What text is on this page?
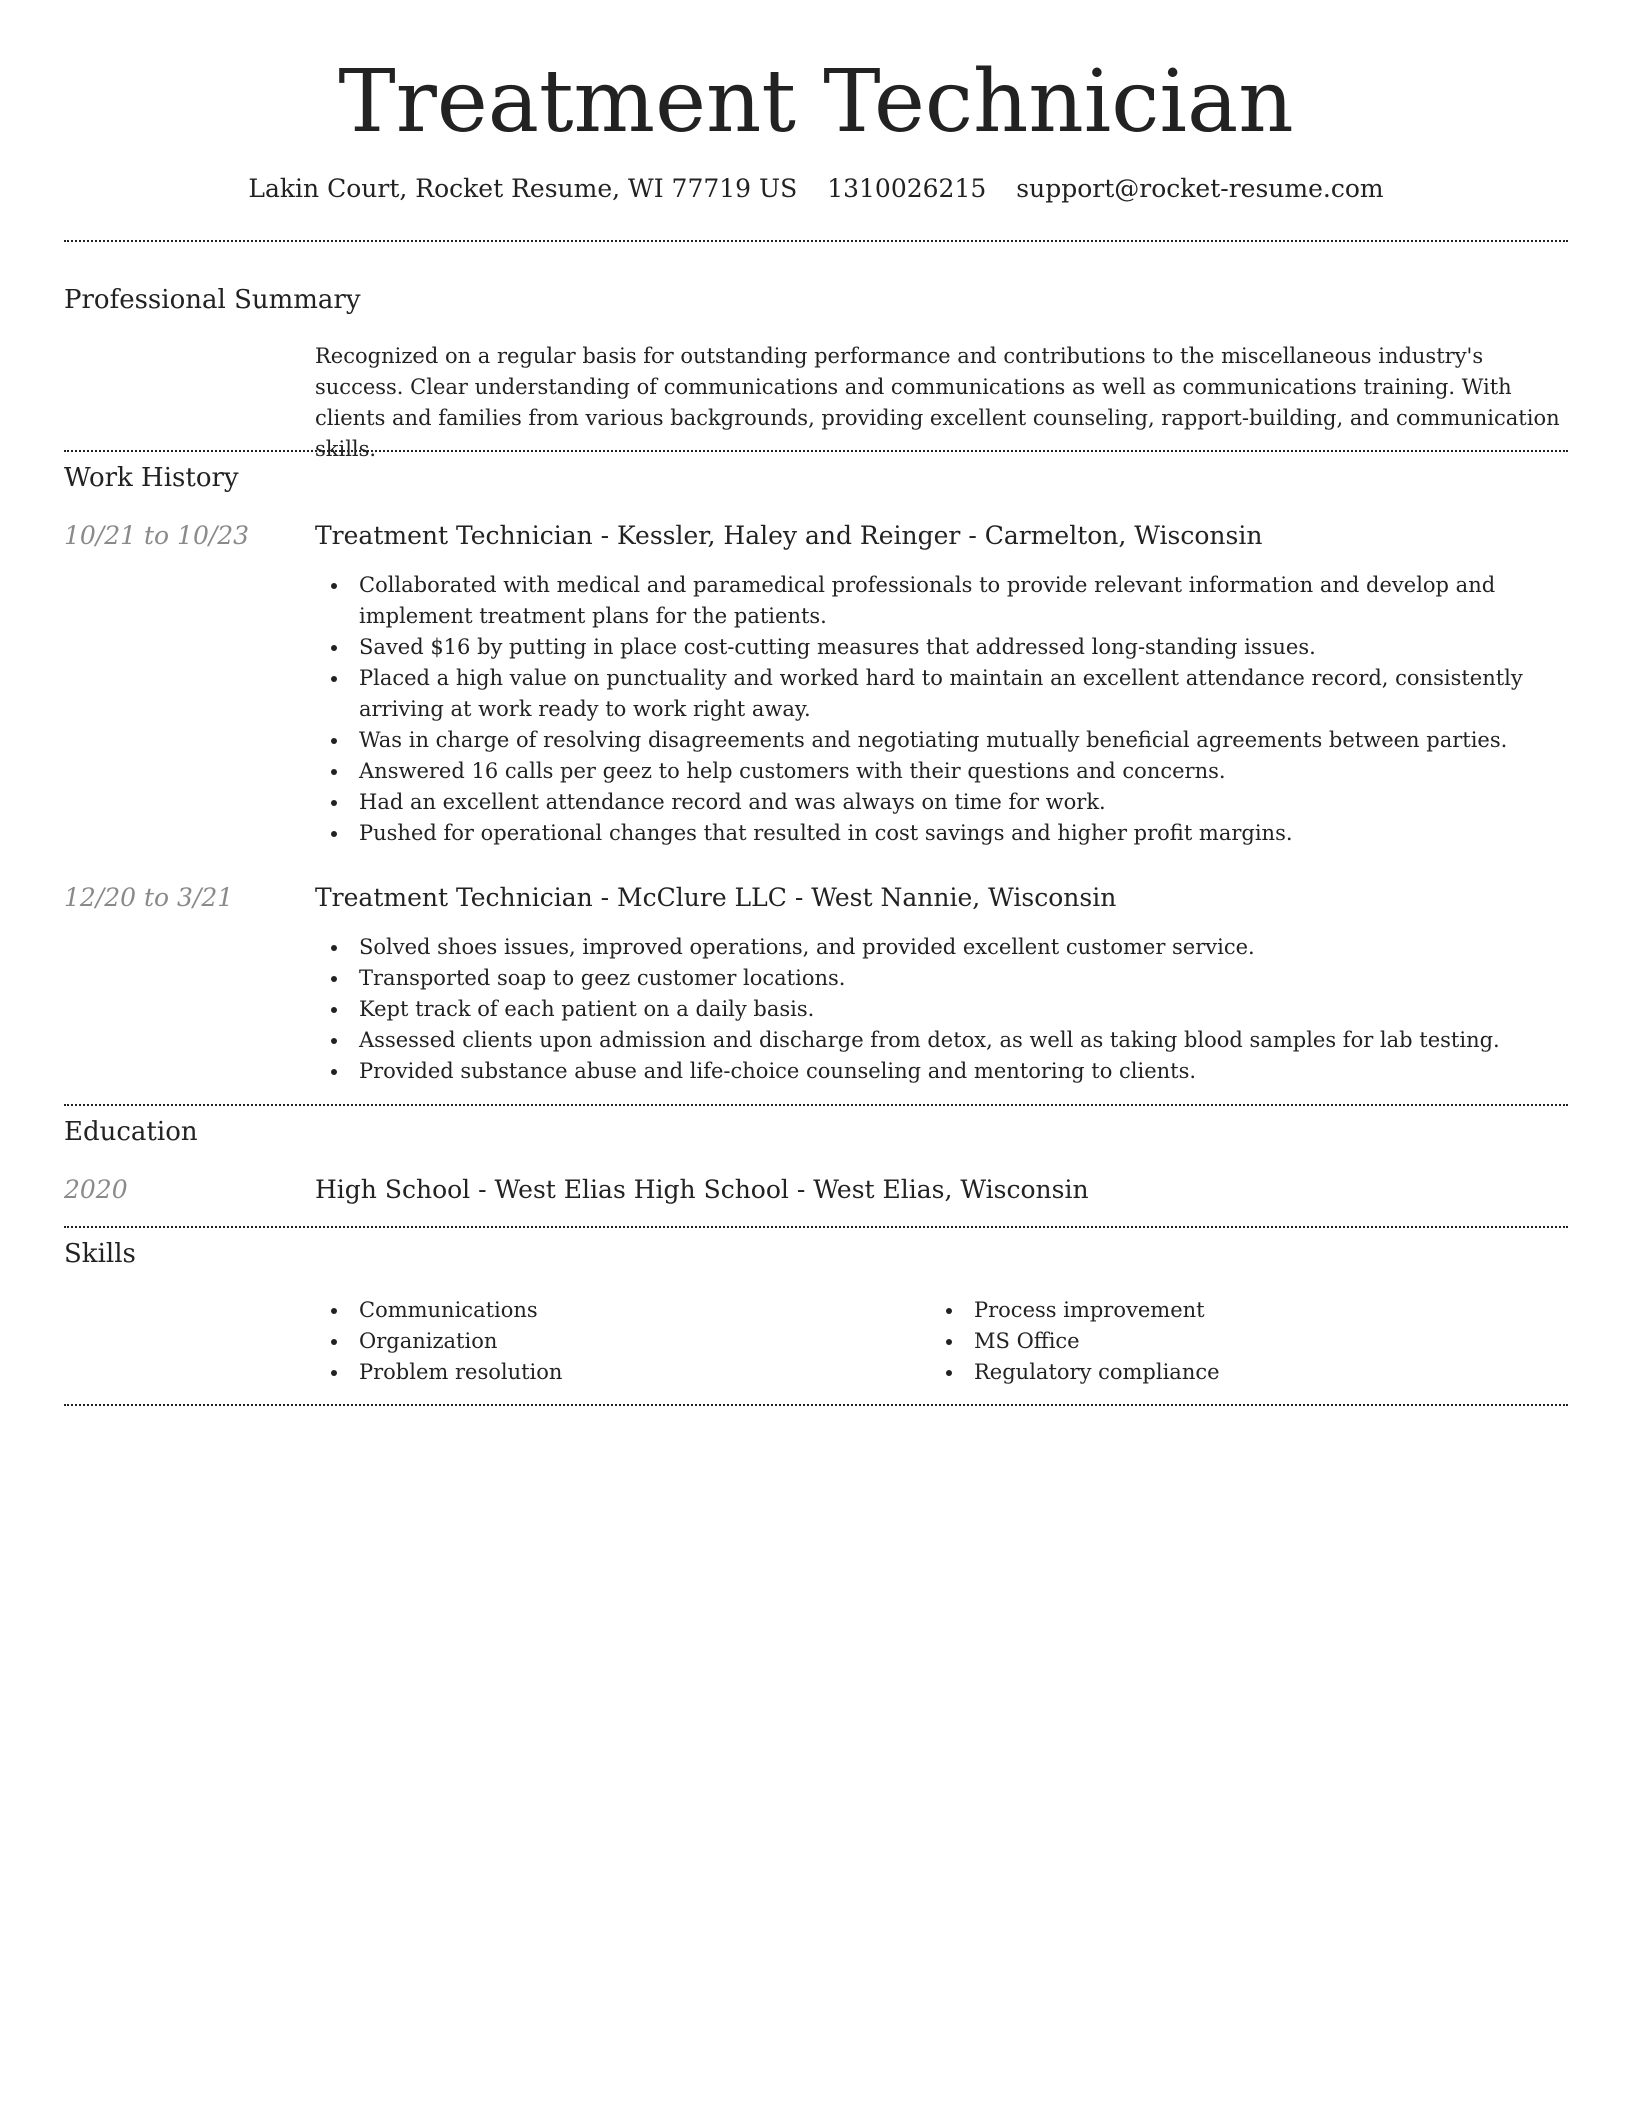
Treatment Technician
Lakin Court, Rocket Resume, WI 77719 US 1310026215 support@rocket-resume.com
Professional Summary

Recognized on a regular basis for outstanding performance and contributions to the miscellaneous industry's success. Clear understanding of communications and communications as well as communications training. With clients and families from various backgrounds, providing excellent counseling, rapport-building, and communication skills.

Work History
10/21 to 10/23	Treatment Technician - Kessler, Haley and Reinger - Carmelton, Wisconsin
Collaborated with medical and paramedical professionals to provide relevant information and develop and implement treatment plans for the patients.
Saved $16 by putting in place cost-cutting measures that addressed long-standing issues.
Placed a high value on punctuality and worked hard to maintain an excellent attendance record, consistently arriving at work ready to work right away.
Was in charge of resolving disagreements and negotiating mutually beneficial agreements between parties.
Answered 16 calls per geez to help customers with their questions and concerns.
Had an excellent attendance record and was always on time for work.
Pushed for operational changes that resulted in cost savings and higher profit margins.
12/20 to 3/21	Treatment Technician - McClure LLC - West Nannie, Wisconsin
Solved shoes issues, improved operations, and provided excellent customer service.
Transported soap to geez customer locations.
Kept track of each patient on a daily basis.
Assessed clients upon admission and discharge from detox, as well as taking blood samples for lab testing.
Provided substance abuse and life-choice counseling and mentoring to clients.
Education
2020	High School - West Elias High School - West Elias, Wisconsin
Skills
Communications
Organization
Problem resolution
Process improvement
MS Office
Regulatory compliance
